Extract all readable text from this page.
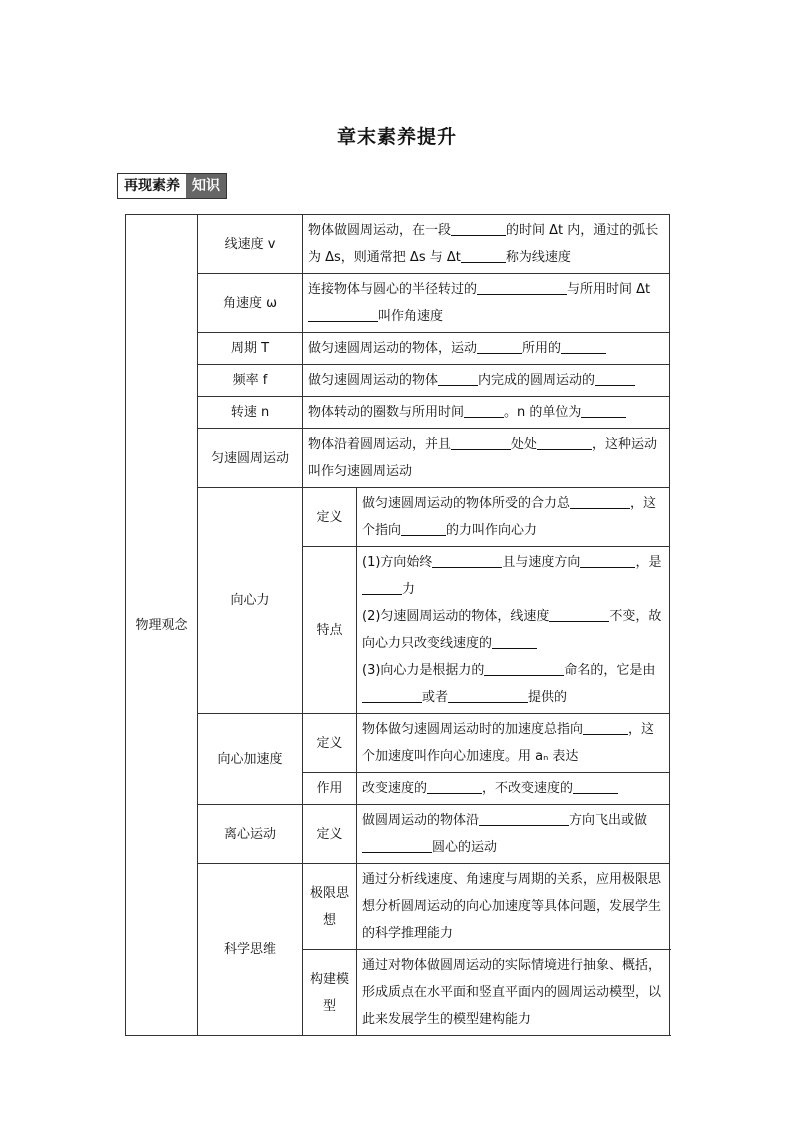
章末素养提升
再现素养 知识
物理观念	线速度 v	物体做圆周运动，在一段 的时间 Δt 内，通过的弧长为 Δs，则通常把 Δs 与 Δt 称为线速度	
	角速度 ω	连接物体与圆心的半径转过的 与所用时间 Δt叫作角速度	
	周期 T	做匀速圆周运动的物体，运动 所用的	
	频率 f	做匀速圆周运动的物体 内完成的圆周运动的	
	转速 n	物体转动的圈数与所用时间 。n 的单位为	
	匀速圆周运动	物体沿着圆周运动，并且 处处 ，这种运动叫作匀速圆周运动	
	向心力	定义	做匀速圆周运动的物体所受的合力总 ，这个指向 的力叫作向心力
		特点	(1)方向始终 且与速度方向 ，是力
(2)匀速圆周运动的物体，线速度 不变，故向心力只改变线速度的
(3)向心力是根据力的 命名的，它是由或者 提供的
	向心加速度	定义	物体做匀速圆周运动时的加速度总指向 ，这个加速度叫作向心加速度。用 aₙ 表达
		作用	改变速度的 ，不改变速度的
	离心运动	定义	做圆周运动的物体沿 方向飞出或做圆心的运动
	科学思维	极限思想	通过分析线速度、角速度与周期的关系，应用极限思想分析圆周运动的向心加速度等具体问题，发展学生的科学推理能力
		构建模型	通过对物体做圆周运动的实际情境进行抽象、概括，形成质点在水平面和竖直平面内的圆周运动模型，以此来发展学生的模型建构能力
